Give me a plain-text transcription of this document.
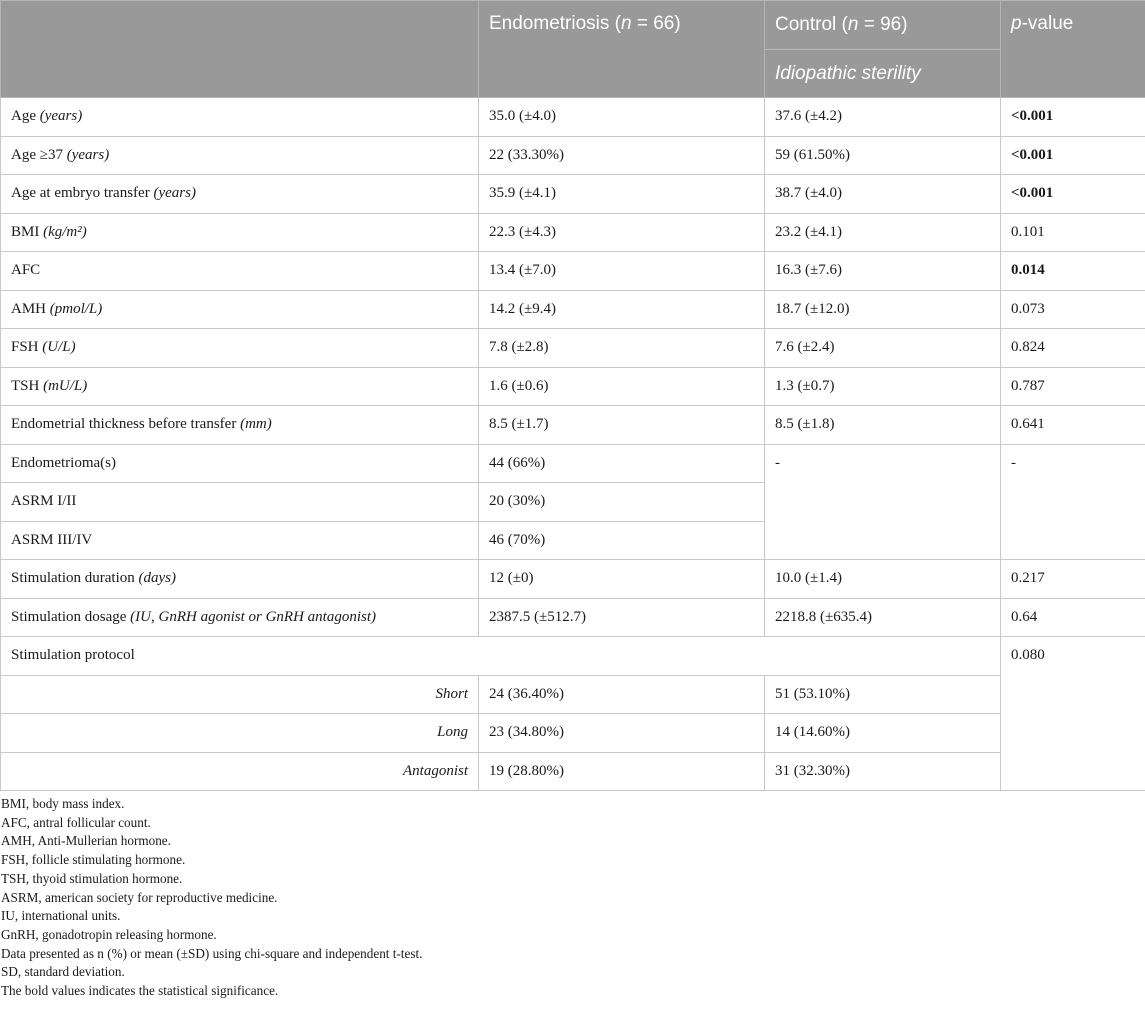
	Endometriosis (n = 66)	Control (n = 96)	p-value
		Idiopathic sterility	
Age (years)	35.0 (±4.0)	37.6 (±4.2)	<0.001
Age ≥37 (years)	22 (33.30%)	59 (61.50%)	<0.001
Age at embryo transfer (years)	35.9 (±4.1)	38.7 (±4.0)	<0.001
BMI (kg/m²)	22.3 (±4.3)	23.2 (±4.1)	0.101
AFC	13.4 (±7.0)	16.3 (±7.6)	0.014
AMH (pmol/L)	14.2 (±9.4)	18.7 (±12.0)	0.073
FSH (U/L)	7.8 (±2.8)	7.6 (±2.4)	0.824
TSH (mU/L)	1.6 (±0.6)	1.3 (±0.7)	0.787
Endometrial thickness before transfer (mm)	8.5 (±1.7)	8.5 (±1.8)	0.641
Endometrioma(s)	44 (66%)	-	-
ASRM I/II	20 (30%)		
ASRM III/IV	46 (70%)		
Stimulation duration (days)	12 (±0)	10.0 (±1.4)	0.217
Stimulation dosage (IU, GnRH agonist or GnRH antagonist)	2387.5 (±512.7)	2218.8 (±635.4)	0.64
Stimulation protocol			0.080
Short	24 (36.40%)	51 (53.10%)	
Long	23 (34.80%)	14 (14.60%)	
Antagonist	19 (28.80%)	31 (32.30%)	
BMI, body mass index.
AFC, antral follicular count.
AMH, Anti-Mullerian hormone.
FSH, follicle stimulating hormone.
TSH, thyoid stimulation hormone.
ASRM, american society for reproductive medicine.
IU, international units.
GnRH, gonadotropin releasing hormone.
Data presented as n (%) or mean (±SD) using chi-square and independent t-test.
SD, standard deviation.
The bold values indicates the statistical significance.
